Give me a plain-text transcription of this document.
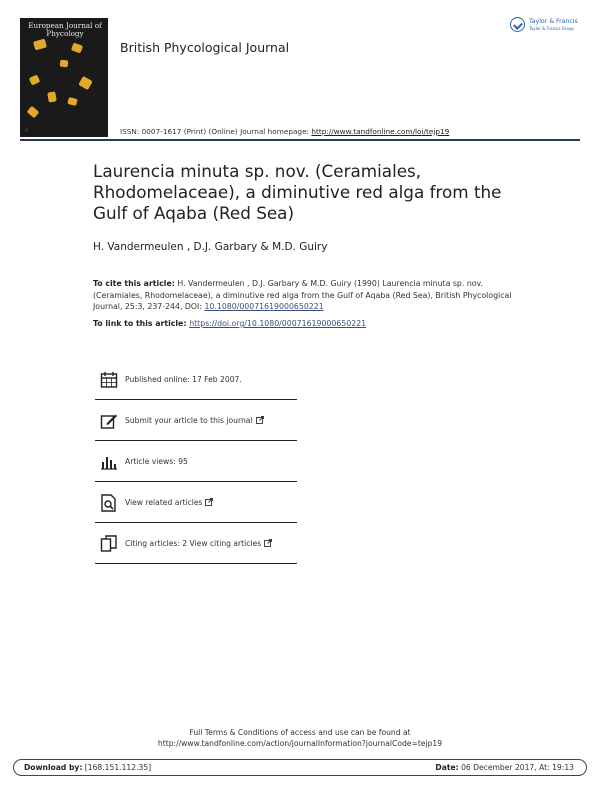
European Journal of Phycology
○
British Phycological Journal
Taylor & Francis
Taylor & Francis Group
ISSN: 0007-1617 (Print) (Online) Journal homepage: http://www.tandfonline.com/loi/tejp19
Laurencia minuta sp. nov. (Ceramiales, Rhodomelaceae), a diminutive red alga from the Gulf of Aqaba (Red Sea)
H. Vandermeulen , D.J. Garbary & M.D. Guiry
To cite this article: H. Vandermeulen , D.J. Garbary & M.D. Guiry (1990) Laurencia minuta sp. nov. (Ceramiales, Rhodomelaceae), a diminutive red alga from the Gulf of Aqaba (Red Sea), British Phycological Journal, 25:3, 237-244, DOI: 10.1080/00071619000650221
To link to this article: https://doi.org/10.1080/00071619000650221
Published online: 17 Feb 2007.
Submit your article to this journal
Article views: 95
View related articles
Citing articles: 2 View citing articles
Full Terms & Conditions of access and use can be found at
http://www.tandfonline.com/action/journalInformation?journalCode=tejp19
Download by: [168.151.112.35]	Date: 06 December 2017, At: 19:13
